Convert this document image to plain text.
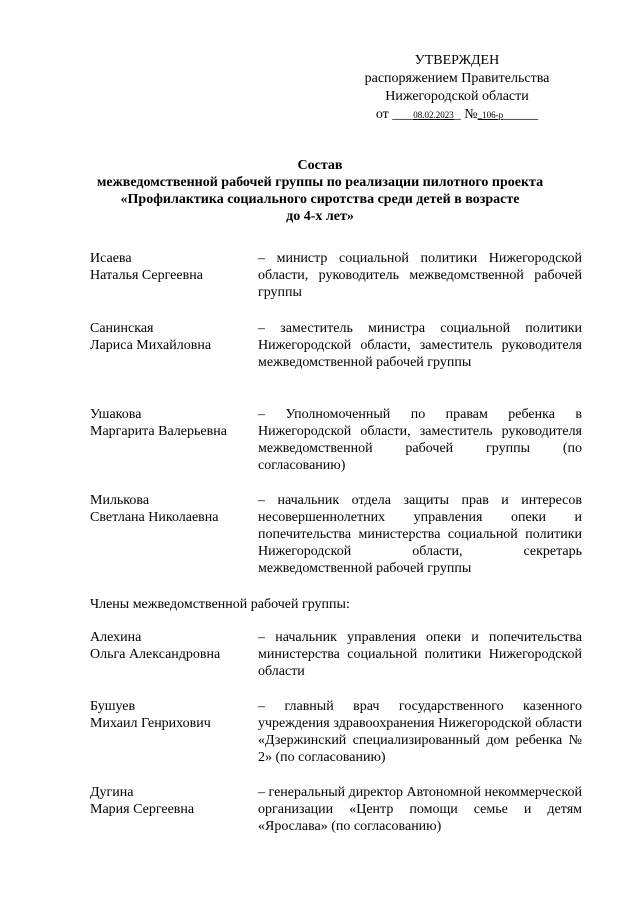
УТВЕРЖДЕН
распоряжением Правительства
Нижегородской области
от ___08.02.2023_ №_106-р_____
Состав
межведомственной рабочей группы по реализации пилотного проекта
«Профилактика социального сиротства среди детей в возрасте
до 4-х лет»
Исаева
Наталья Сергеевна
– министр социальной политики Нижегородской области, руководитель межведомственной рабочей группы
Санинская
Лариса Михайловна
– заместитель министра социальной политики Нижегородской области, заместитель руководителя межведомственной рабочей группы
Ушакова
Маргарита Валерьевна
– Уполномоченный по правам ребенка в Нижегородской области, заместитель руководителя межведомственной рабочей группы (по согласованию)
Милькова
Светлана Николаевна
– начальник отдела защиты прав и интересов несовершеннолетних управления опеки и попечительства министерства социальной политики Нижегородской области, секретарь межведомственной рабочей группы
Члены межведомственной рабочей группы:
Алехина
Ольга Александровна
– начальник управления опеки и попечительства министерства социальной политики Нижегородской области
Бушуев
Михаил Генрихович
– главный врач государственного казенного учреждения здравоохранения Нижегородской области «Дзержинский специализированный дом ребенка № 2» (по согласованию)
Дугина
Мария Сергеевна
– генеральный директор Автономной некоммерческой организации «Центр помощи семье и детям «Ярослава» (по согласованию)
